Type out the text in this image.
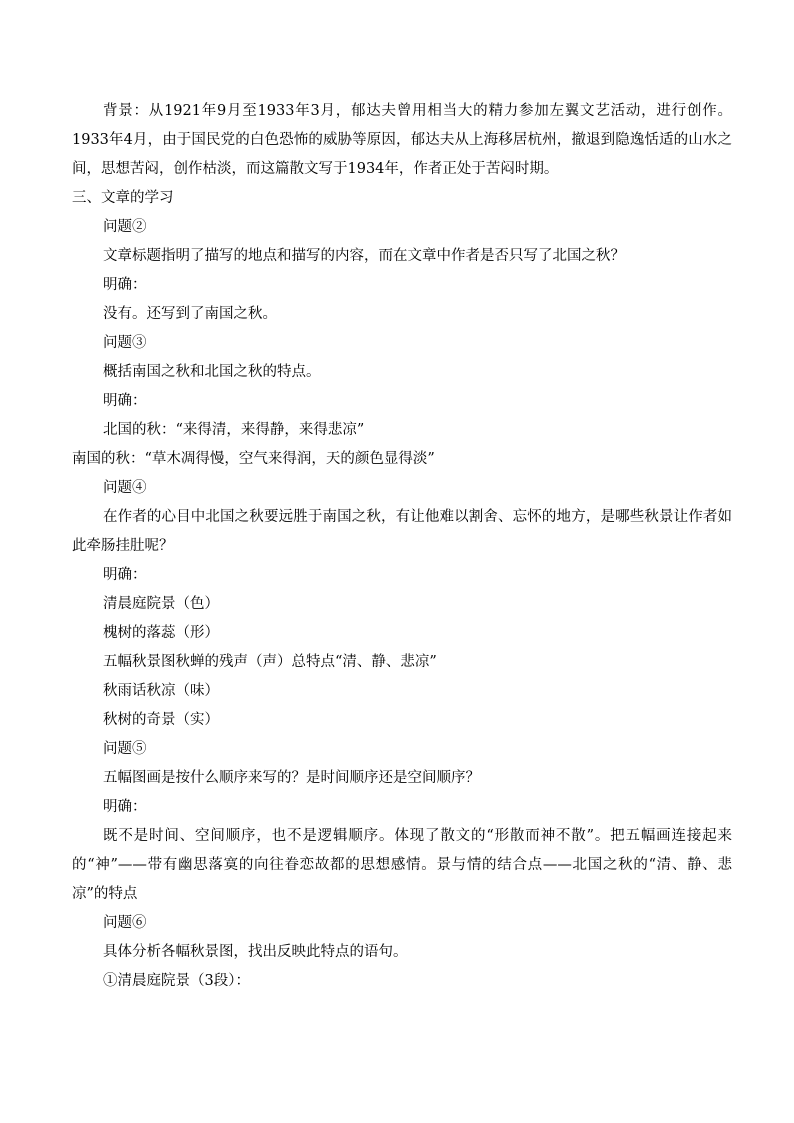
背景：从1921年9月至1933年3月，郁达夫曾用相当大的精力参加左翼文艺活动，进行创作。1933年4月，由于国民党的白色恐怖的威胁等原因，郁达夫从上海移居杭州，撤退到隐逸恬适的山水之间，思想苦闷，创作枯淡，而这篇散文写于1934年，作者正处于苦闷时期。
三、文章的学习
问题②
文章标题指明了描写的地点和描写的内容，而在文章中作者是否只写了北国之秋？
明确：
没有。还写到了南国之秋。
问题③
概括南国之秋和北国之秋的特点。
明确：
北国的秋：“来得清，来得静，来得悲凉”
南国的秋：“草木凋得慢，空气来得润，天的颜色显得淡”
问题④
在作者的心目中北国之秋要远胜于南国之秋，有让他难以割舍、忘怀的地方，是哪些秋景让作者如此牵肠挂肚呢？
明确：
清晨庭院景（色）
槐树的落蕊（形）
五幅秋景图秋蝉的残声（声）总特点“清、静、悲凉”
秋雨话秋凉（味）
秋树的奇景（实）
问题⑤
五幅图画是按什么顺序来写的？是时间顺序还是空间顺序？
明确：
既不是时间、空间顺序，也不是逻辑顺序。体现了散文的“形散而神不散”。把五幅画连接起来的“神”——带有幽思落寞的向往眷恋故都的思想感情。景与情的结合点——北国之秋的“清、静、悲凉”的特点
问题⑥
具体分析各幅秋景图，找出反映此特点的语句。
①清晨庭院景（3段）：
